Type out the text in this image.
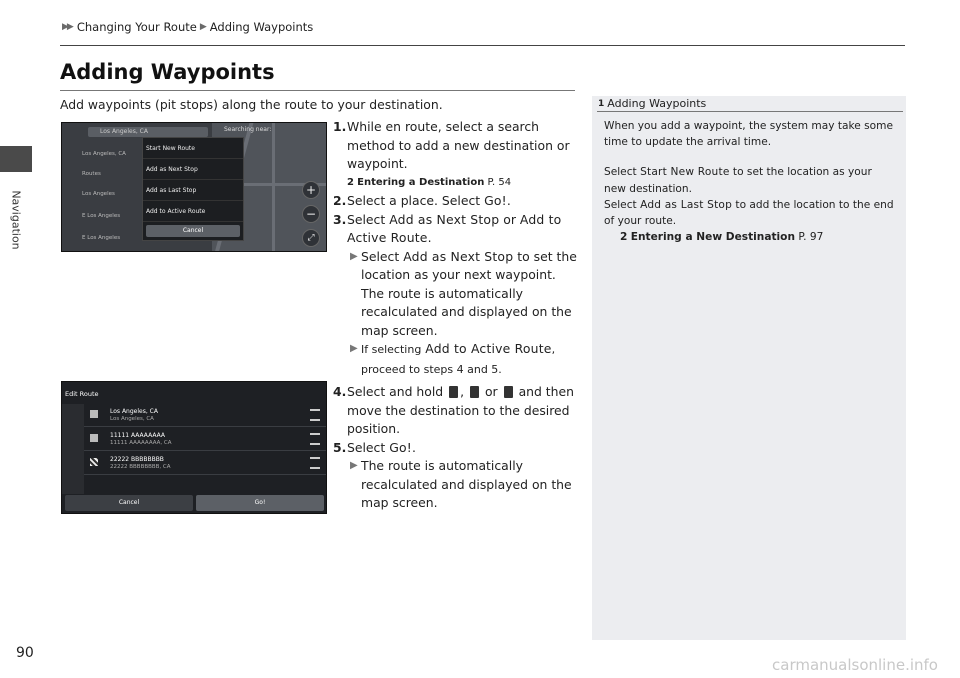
Navigation
▶▶ Changing Your Route ▶ Adding Waypoints
Adding Waypoints
Add waypoints (pit stops) along the route to your destination.
Los Angeles, CA
Los Angeles, CA
Routes
Los Angeles
E Los Angeles
E Los Angeles
Searching near:
+
−
⤢
Start New Route
Add as Next Stop
Add as Last Stop
Add to Active Route
Cancel
Edit Route
Los Angeles, CA
Los Angeles, CA
11111 AAAAAAAA
11111 AAAAAAAA, CA
22222 BBBBBBBB
22222 BBBBBBBB, CA
Cancel	Go!
1. While en route, select a search method to add a new destination or waypoint.
2 Entering a Destination P. 54
2. Select a place. Select Go!.
3. Select Add as Next Stop or Add to Active Route.
▶ Select Add as Next Stop to set the location as your next waypoint. The route is automatically recalculated and displayed on the map screen.
▶ If selecting Add to Active Route, proceed to steps 4 and 5.
4. Select and hold , or and then move the destination to the desired position.
5. Select Go!.
▶ The route is automatically recalculated and displayed on the map screen.
1 Adding Waypoints

When you add a waypoint, the system may take some time to update the arrival time.

Select Start New Route to set the location as your new destination.

Select Add as Last Stop to add the location to the end of your route.

2 Entering a New Destination P. 97

90
carmanualsonline.info
